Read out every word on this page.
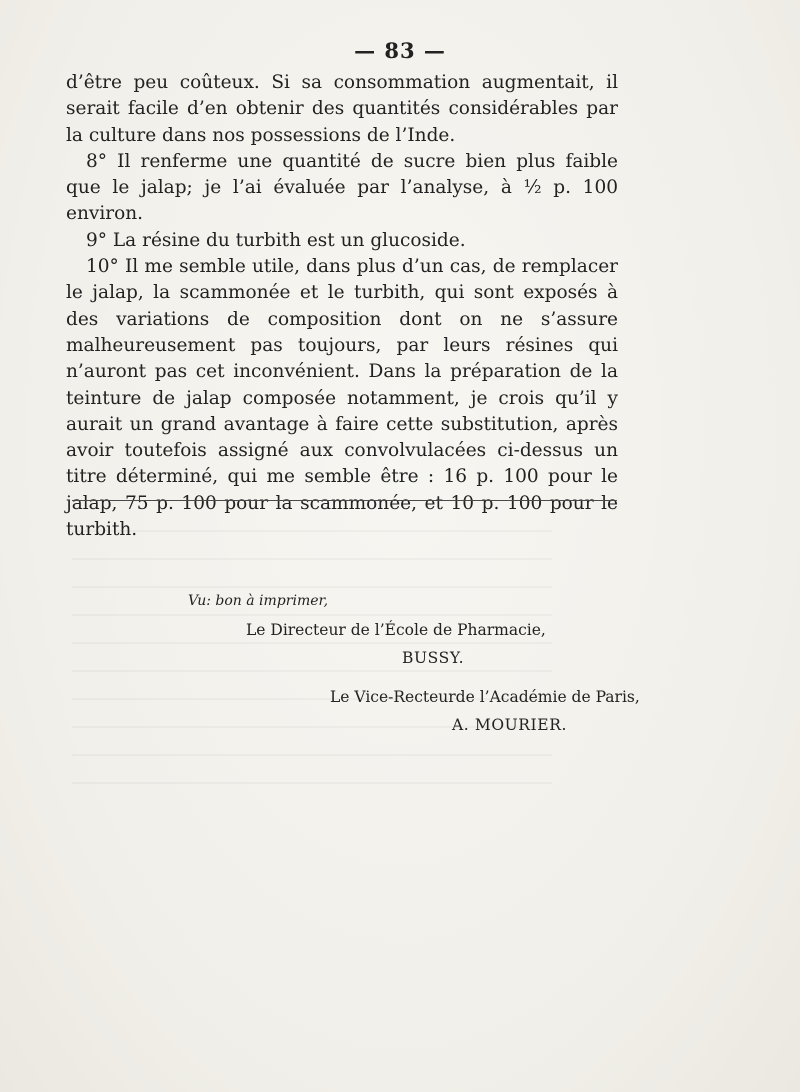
— 83 —

d’être peu coûteux. Si sa consommation augmentait, il serait facile d’en obtenir des quantités considérables par la culture dans nos possessions de l’Inde.

8° Il renferme une quantité de sucre bien plus faible que le jalap; je l’ai évaluée par l’analyse, à ½ p. 100 environ.

9° La résine du turbith est un glucoside.

10° Il me semble utile, dans plus d’un cas, de remplacer le jalap, la scammonée et le turbith, qui sont exposés à des variations de composition dont on ne s’assure malheureusement pas toujours, par leurs résines qui n’auront pas cet inconvénient. Dans la préparation de la teinture de jalap composée notamment, je crois qu’il y aurait un grand avantage à faire cette substitution, après avoir toutefois assigné aux convolvulacées ci-dessus un titre déterminé, qui me semble être : 16 p. 100 pour le jalap, 75 p. 100 pour la scammonée, et 10 p. 100 pour le turbith.

Vu: bon à imprimer,
Le Directeur de l’École de Pharmacie,
BUSSY.
Le Vice-Recteurde l’Académie de Paris,
A. MOURIER.
